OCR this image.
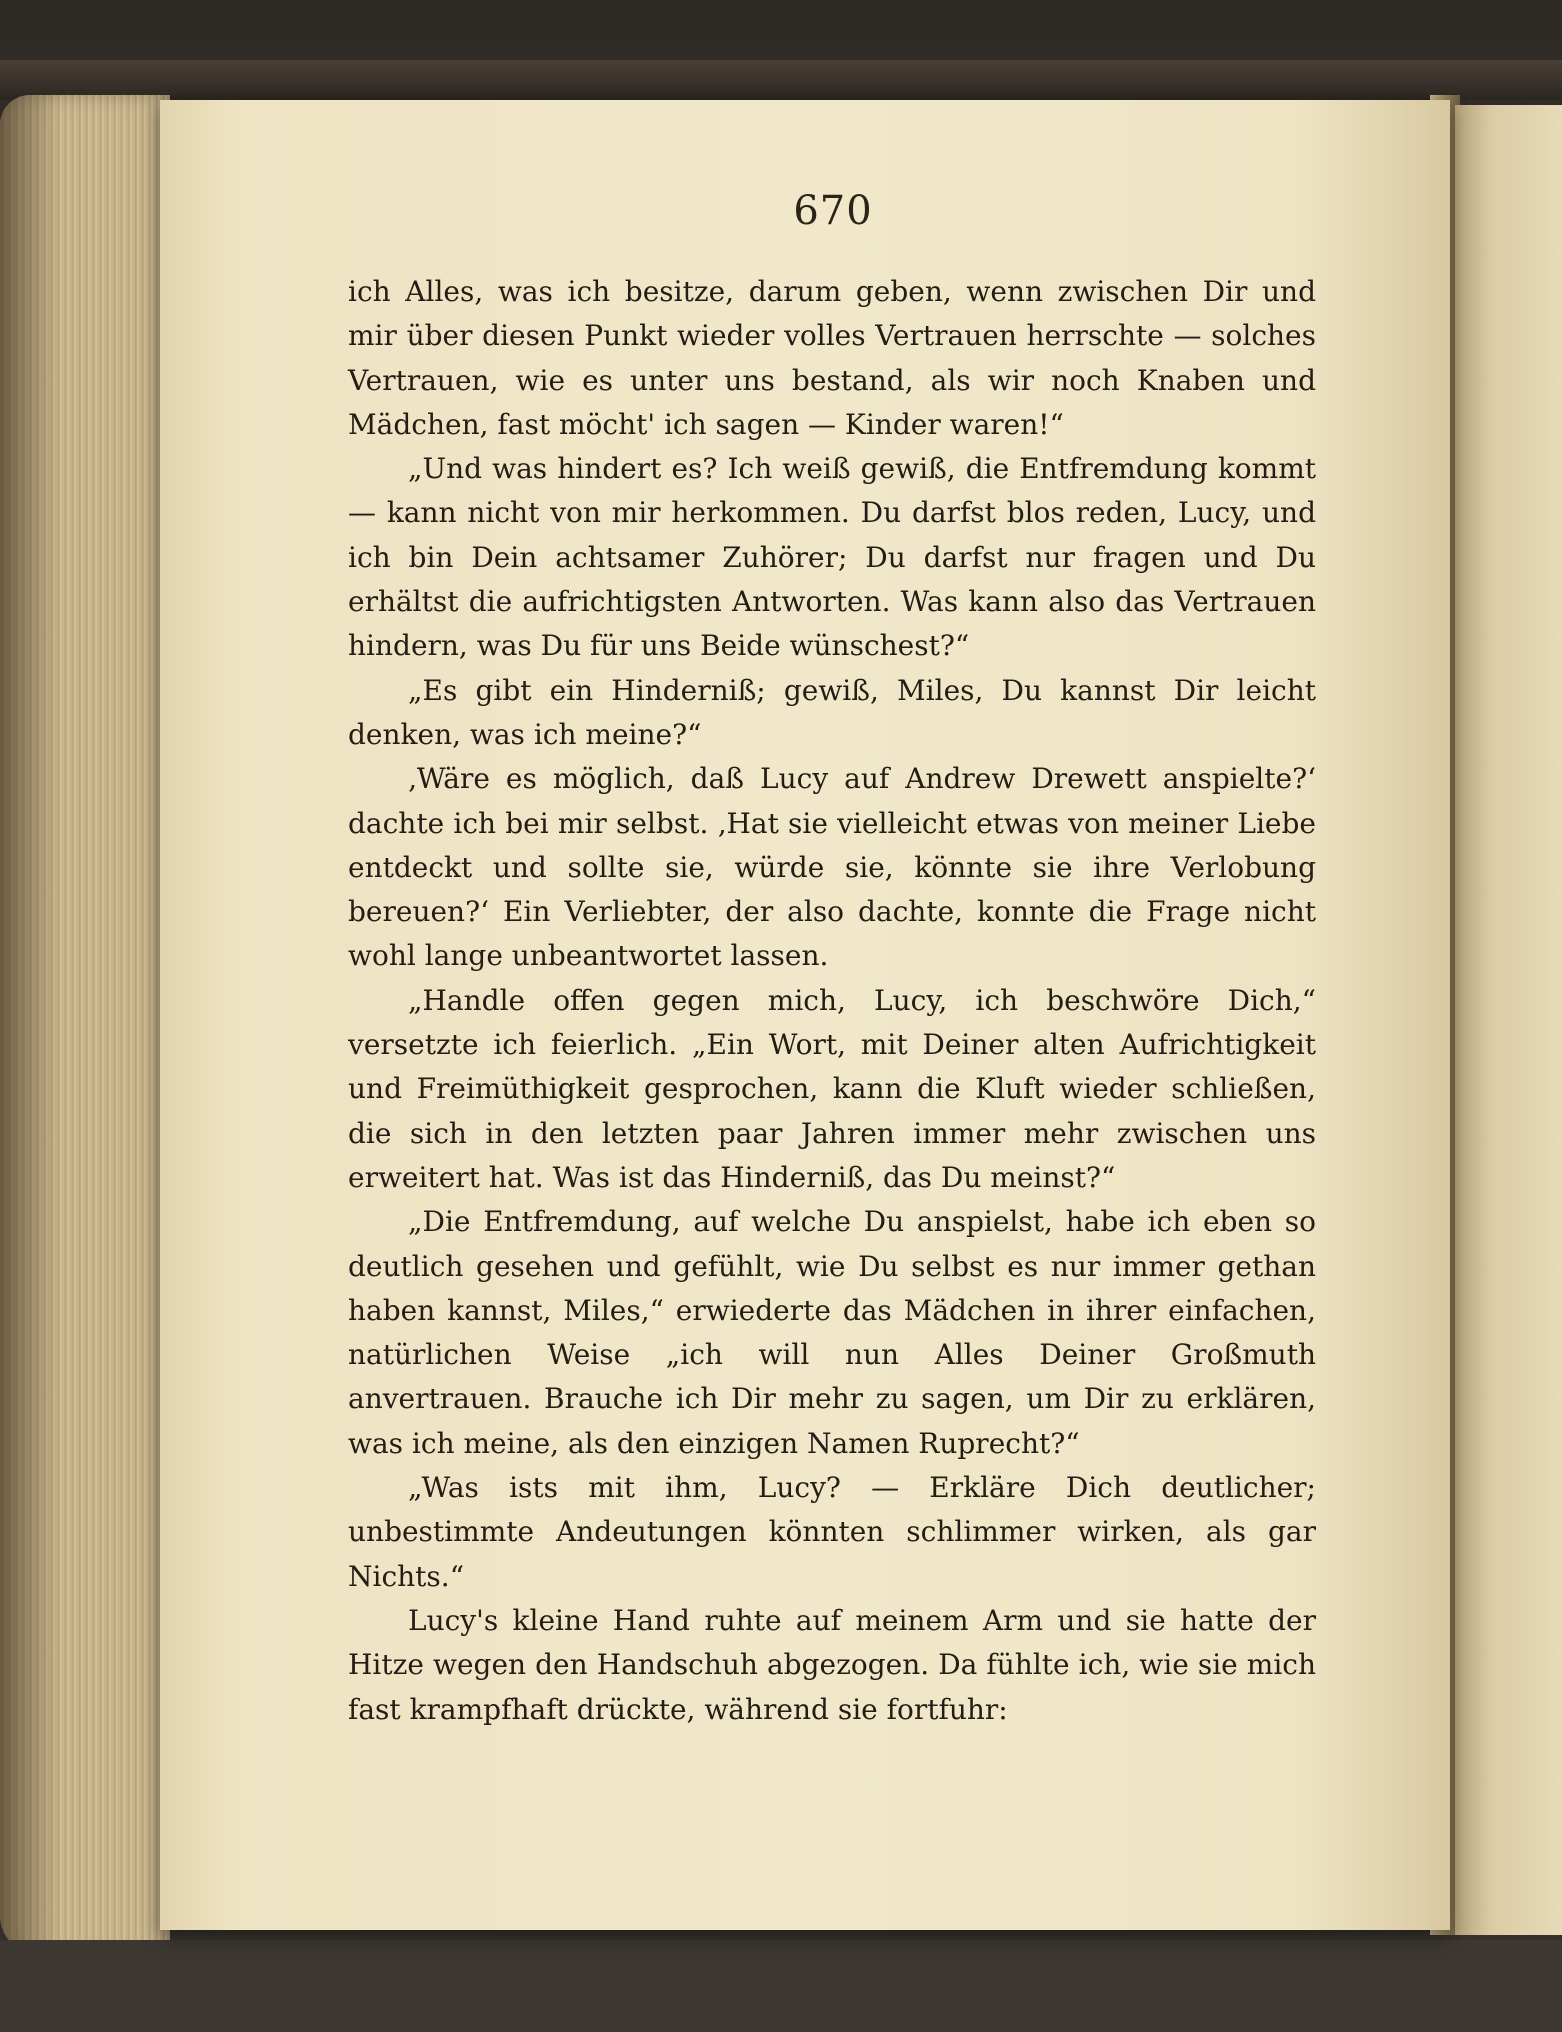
670

ich Alles, was ich besitze, darum geben, wenn zwischen Dir und mir über diesen Punkt wieder volles Vertrauen herrschte — solches Vertrauen, wie es unter uns bestand, als wir noch Knaben und Mädchen, fast möcht' ich sagen — Kinder waren!“

„Und was hindert es? Ich weiß gewiß, die Entfremdung kommt — kann nicht von mir herkommen. Du darfst blos reden, Lucy, und ich bin Dein achtsamer Zuhörer; Du darfst nur fragen und Du erhältst die aufrichtigsten Antworten. Was kann also das Vertrauen hindern, was Du für uns Beide wünschest?“

„Es gibt ein Hinderniß; gewiß, Miles, Du kannst Dir leicht denken, was ich meine?“

‚Wäre es möglich, daß Lucy auf Andrew Drewett anspielte?‘ dachte ich bei mir selbst. ‚Hat sie vielleicht etwas von meiner Liebe entdeckt und sollte sie, würde sie, könnte sie ihre Verlobung bereuen?‘ Ein Verliebter, der also dachte, konnte die Frage nicht wohl lange unbeantwortet lassen.

„Handle offen gegen mich, Lucy, ich beschwöre Dich,“ versetzte ich feierlich. „Ein Wort, mit Deiner alten Aufrichtigkeit und Freimüthigkeit gesprochen, kann die Kluft wieder schließen, die sich in den letzten paar Jahren immer mehr zwischen uns erweitert hat. Was ist das Hinderniß, das Du meinst?“

„Die Entfremdung, auf welche Du anspielst, habe ich eben so deutlich gesehen und gefühlt, wie Du selbst es nur immer gethan haben kannst, Miles,“ erwiederte das Mädchen in ihrer einfachen, natürlichen Weise „ich will nun Alles Deiner Großmuth anvertrauen. Brauche ich Dir mehr zu sagen, um Dir zu erklären, was ich meine, als den einzigen Namen Ruprecht?“

„Was ists mit ihm, Lucy? — Erkläre Dich deutlicher; unbestimmte Andeutungen könnten schlimmer wirken, als gar Nichts.“

Lucy's kleine Hand ruhte auf meinem Arm und sie hatte der Hitze wegen den Handschuh abgezogen. Da fühlte ich, wie sie mich fast krampfhaft drückte, während sie fortfuhr:
